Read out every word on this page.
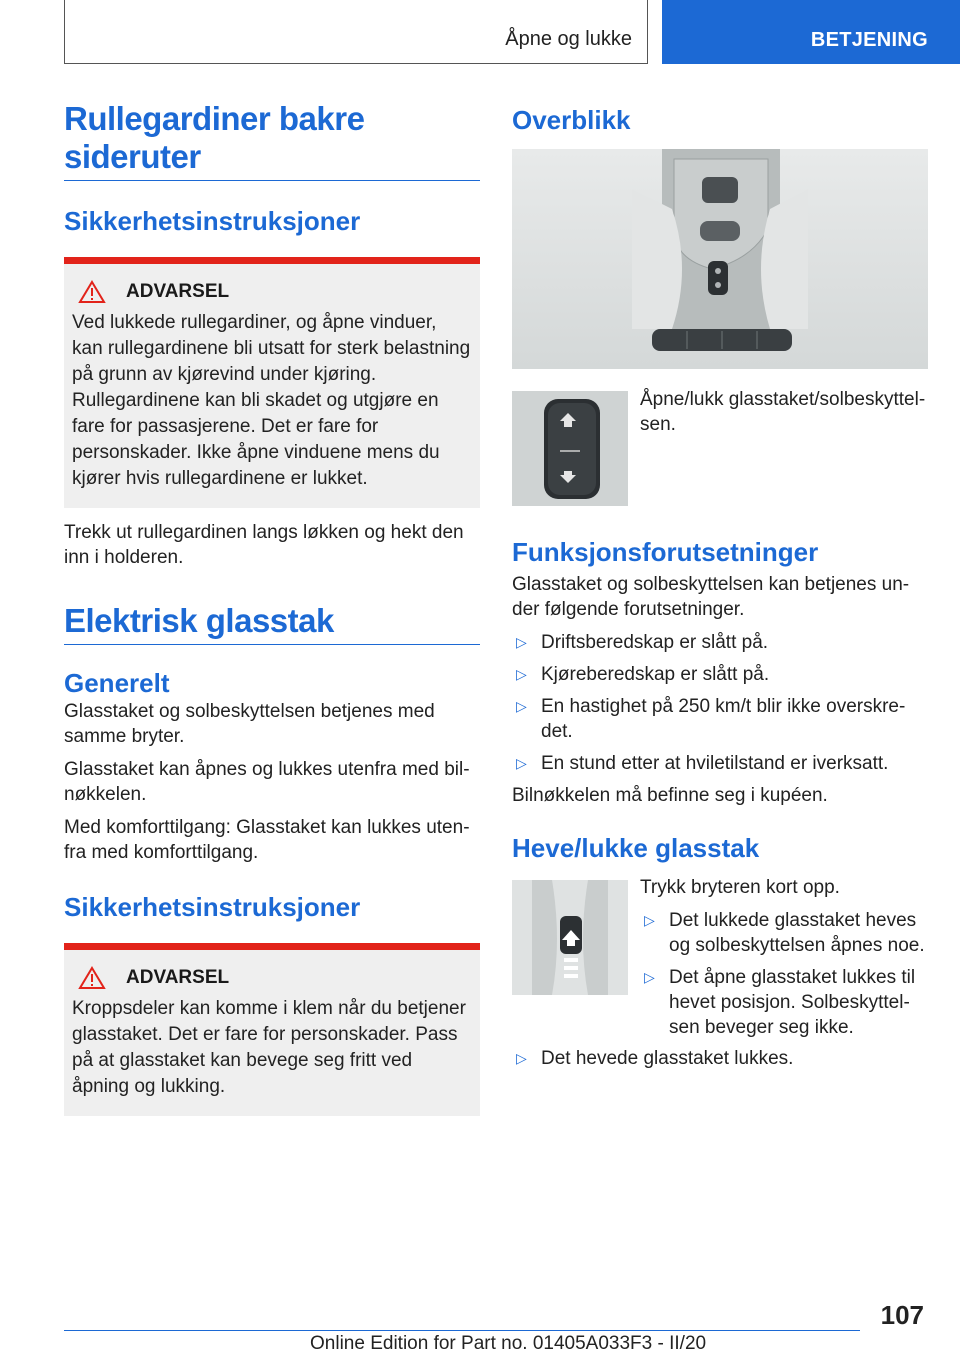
Åpne og lukke	BETJENING
Rullegardiner bakre sideruter
Sikkerhetsinstruksjoner
ADVARSEL

Ved lukkede rullegardiner, og åpne vinduer, kan rullegardinene bli utsatt for sterk belastning på grunn av kjørevind under kjøring. Rullegardinene kan bli skadet og utgjøre en fare for passasjerene. Det er fare for personskader. Ikke åpne vinduene mens du kjører hvis rullegardinene er lukket.

Trekk ut rullegardinen langs løkken og hekt den inn i holderen.

Elektrisk glasstak
Generelt

Glasstaket og solbeskyttelsen betjenes med samme bryter.

Glasstaket kan åpnes og lukkes utenfra med bilnøkkelen.

Med komforttilgang: Glasstaket kan lukkes utenfra med komforttilgang.

Sikkerhetsinstruksjoner
ADVARSEL

Kroppsdeler kan komme i klem når du betjener glasstaket. Det er fare for personskader. Pass på at glasstaket kan bevege seg fritt ved åpning og lukking.

Overblikk

Åpne/lukk glasstaket/solbeskyttelsen.

Funksjonsforutsetninger

Glasstaket og solbeskyttelsen kan betjenes under følgende forutsetninger.

▷ Driftsberedskap er slått på.
▷ Kjøreberedskap er slått på.
▷ En hastighet på 250 km/t blir ikke overskredet.
▷ En stund etter at hviletilstand er iverksatt.

Bilnøkkelen må befinne seg i kupéen.

Heve/lukke glasstak

Trykk bryteren kort opp.

▷ Det lukkede glasstaket heves og solbeskyttelsen åpnes noe.
▷ Det åpne glasstaket lukkes til hevet posisjon. Solbeskyttelsen beveger seg ikke.
▷ Det hevede glasstaket lukkes.
107
Online Edition for Part no. 01405A033F3 - II/20
